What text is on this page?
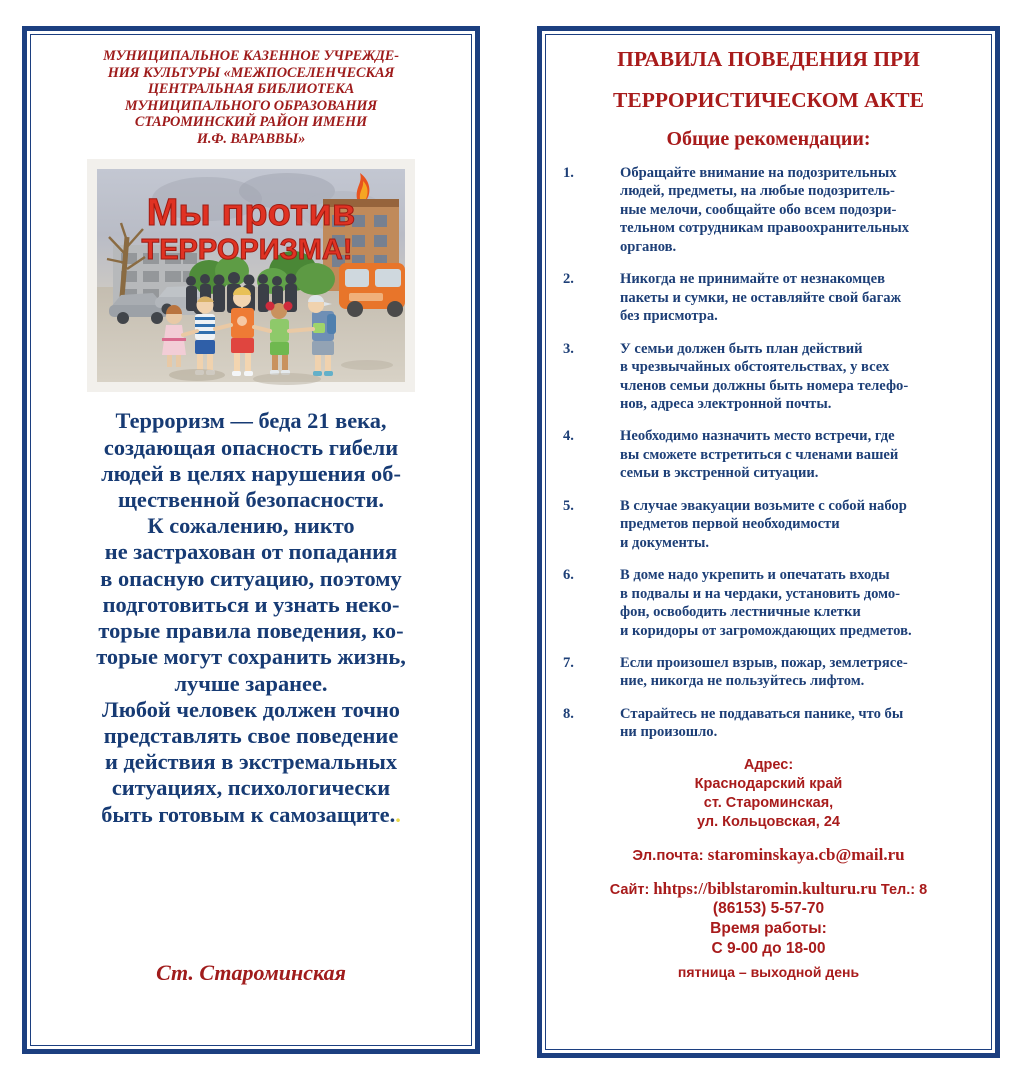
МУНИЦИПАЛЬНОЕ КАЗЕННОЕ УЧРЕЖДЕ-
НИЯ КУЛЬТУРЫ «МЕЖПОСЕЛЕНЧЕСКАЯ
ЦЕНТРАЛЬНАЯ БИБЛИОТЕКА
МУНИЦИПАЛЬНОГО ОБРАЗОВАНИЯ
СТАРОМИНСКИЙ РАЙОН ИМЕНИ
И.Ф. ВАРАВВЫ»
Мы против
ТЕРРОРИЗМА!

Терроризм — беда 21 века,

создающая опасность гибели

людей в целях нарушения об-

щественной безопасности.

К сожалению, никто

не застрахован от попадания

в опасную ситуацию, поэтому

подготовиться и узнать неко-

торые правила поведения, ко-

торые могут сохранить жизнь,

лучше заранее.

Любой человек должен точно

представлять свое поведение

и действия в экстремальных

ситуациях, психологически

быть готовым к самозащите..

Ст. Староминская
ПРАВИЛА ПОВЕДЕНИЯ ПРИ
ТЕРРОРИСТИЧЕСКОМ АКТЕ
Общие рекомендации:
1.	Обращайте внимание на подозрительных
людей, предметы, на любые подозритель-
ные мелочи, сообщайте обо всем подозри-
тельном сотрудникам правоохранительных
органов.
2.	Никогда не принимайте от незнакомцев
пакеты и сумки, не оставляйте свой багаж
без присмотра.
3.	У семьи должен быть план действий
в чрезвычайных обстоятельствах, у всех
членов семьи должны быть номера телефо-
нов, адреса электронной почты.
4.	Необходимо назначить место встречи, где
вы сможете встретиться с членами вашей
семьи в экстренной ситуации.
5.	В случае эвакуации возьмите с собой набор
предметов первой необходимости
и документы.
6.	В доме надо укрепить и опечатать входы
в подвалы и на чердаки, установить домо-
фон, освободить лестничные клетки
и коридоры от загромождающих предметов.
7.	Если произошел взрыв, пожар, землетрясе-
ние, никогда не пользуйтесь лифтом.
8.	Старайтесь не поддаваться панике, что бы
ни произошло.
Адрес:
Краснодарский край
ст. Староминская,
ул. Кольцовская, 24
Эл.почта: starominskaya.cb@mail.ru
Сайт: hhtps://biblstaromin.kulturu.ru Тел.: 8
(86153) 5-57-70
Время работы:
С 9-00 до 18-00
пятница – выходной день
